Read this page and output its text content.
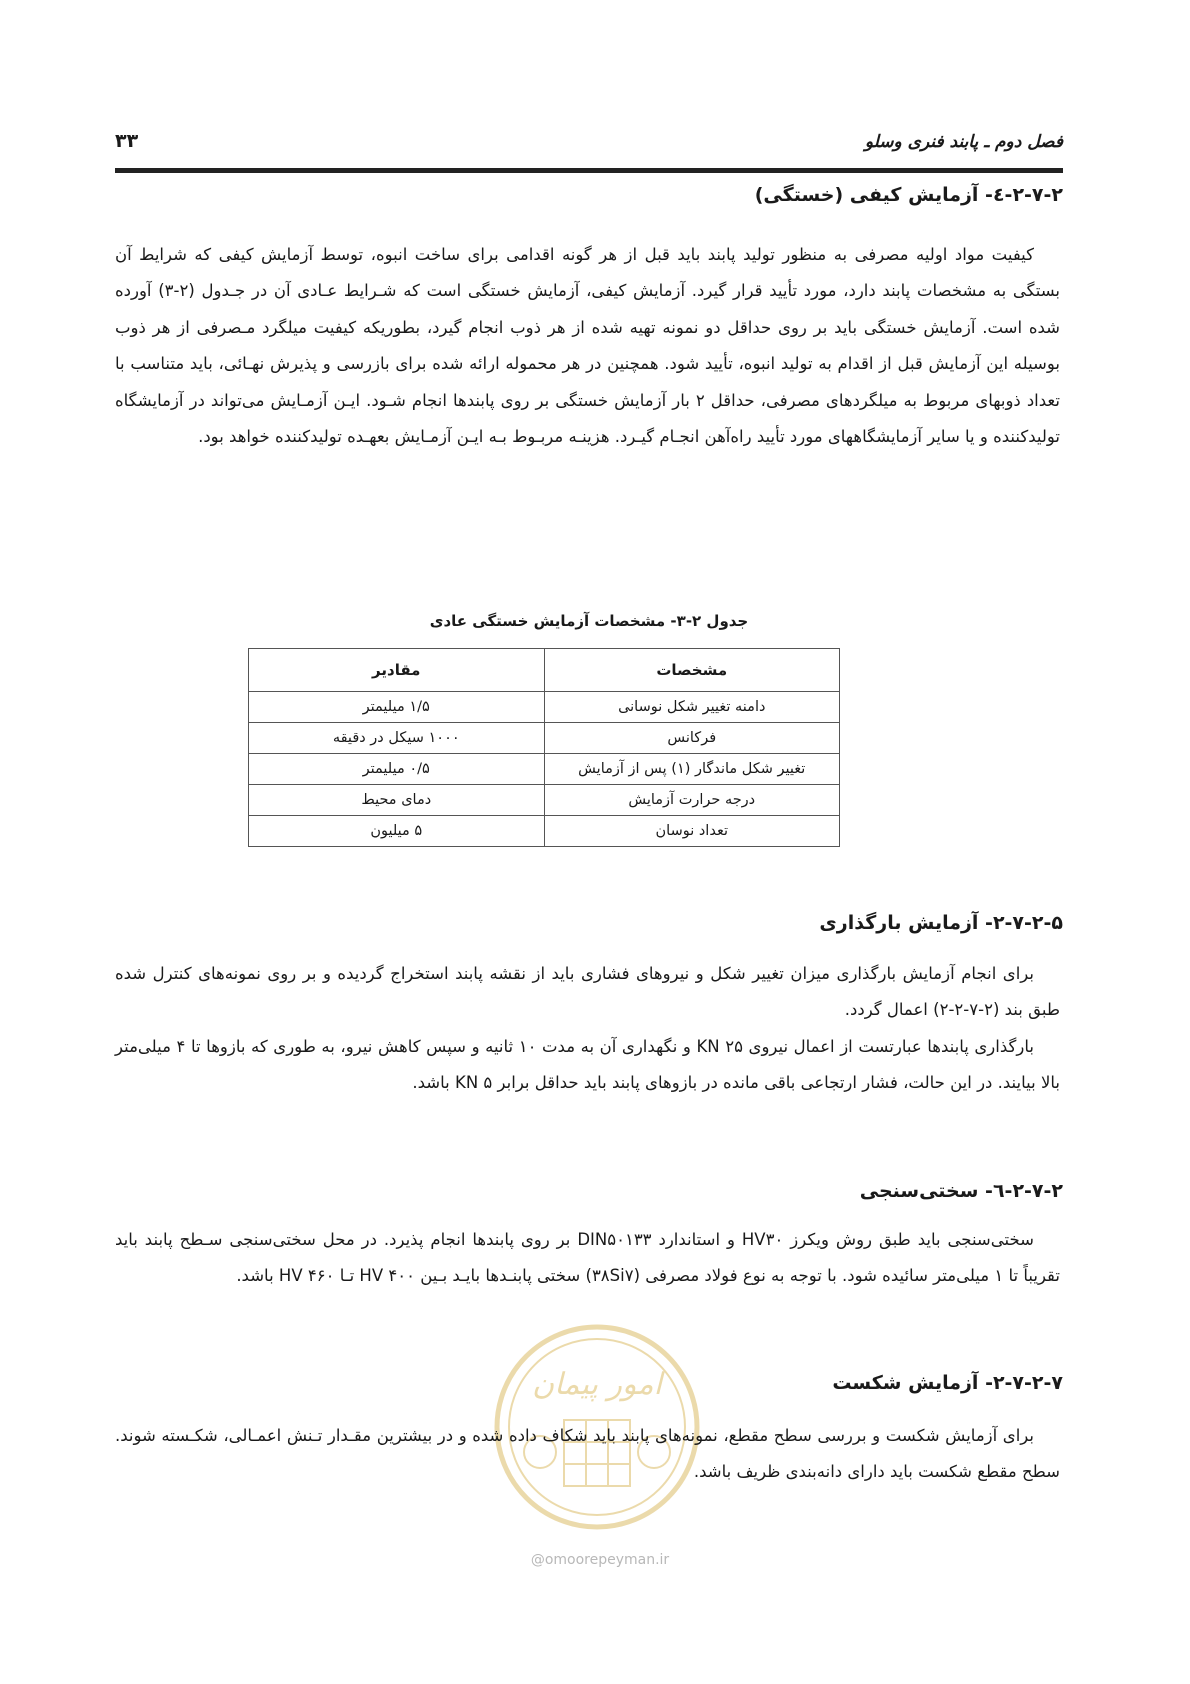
فصل دوم ـ پابند فنری وسلو
۳۳
۲-۷-۲-٤- آزمایش کیفی (خستگی)

کیفیت مواد اولیه مصرفی به منظور تولید پابند باید قبل از هر گونه اقدامی برای ساخت انبوه، توسط آزمایش کیفی که شرایط آن بستگی به مشخصات پابند دارد، مورد تأیید قرار گیرد. آزمایش کیفی، آزمایش خستگی است که شـرایط عـادی آن در جـدول (۲-۳) آورده شده است. آزمایش خستگی باید بر روی حداقل دو نمونه تهیه شده از هر ذوب انجام گیرد، بطوریکه کیفیت میلگرد مـصرفی از هر ذوب بوسیله این آزمایش قبل از اقدام به تولید انبوه، تأیید شود. همچنین در هر محموله ارائه شده برای بازرسی و پذیرش نهـائی، باید متناسب با تعداد ذوبهای مربوط به میلگردهای مصرفی، حداقل ۲ بار آزمایش خستگی بر روی پابندها انجام شـود. ایـن آزمـایش می‌تواند در آزمایشگاه تولیدکننده و یا سایر آزمایشگاههای مورد تأیید راه‌آهن انجـام گیـرد. هزینـه مربـوط بـه ایـن آزمـایش بعهـده تولیدکننده خواهد بود.

جدول ۲-۳- مشخصات آزمایش خستگی عادی
مشخصات	مقادیر
دامنه تغییر شکل نوسانی	۱/۵ میلیمتر
فرکانس	۱۰۰۰ سیکل در دقیقه
تغییر شکل ماندگار (۱) پس از آزمایش	۰/۵ میلیمتر
درجه حرارت آزمایش	دمای محیط
تعداد نوسان	۵ میلیون
۲-۷-۲-۵- آزمایش بارگذاری

برای انجام آزمایش بارگذاری میزان تغییر شکل و نیروهای فشاری باید از نقشه پابند استخراج گردیده و بر روی نمونه‌های کنترل شده طبق بند (۲-۷-۲-۲) اعمال گردد.

بارگذاری پابندها عبارتست از اعمال نیروی ۲۵ KN و نگهداری آن به مدت ۱۰ ثانیه و سپس کاهش نیرو، به طوری که بازوها تا ۴ میلی‌متر بالا بیایند. در این حالت، فشار ارتجاعی باقی مانده در بازوهای پابند باید حداقل برابر ۵ KN باشد.

۲-۷-۲-٦- سختی‌سنجی

سختی‌سنجی باید طبق روش ویکرز HV۳۰ و استاندارد DIN۵۰۱۳۳ بر روی پابندها انجام پذیرد. در محل سختی‌سنجی سـطح پابند باید تقریباً تا ۱ میلی‌متر سائیده شود. با توجه به نوع فولاد مصرفی (۳۸Si۷) سختی پابنـدها بایـد بـین ۴۰۰ HV تـا ۴۶۰ HV باشد.

امور پیمان	۲-۷-۲-۷- آزمایش شکست

برای آزمایش شکست و بررسی سطح مقطع، نمونه‌های پابند باید شکاف داده شده و در بیشترین مقـدار تـنش اعمـالی، شکـسته شوند. سطح مقطع شکست باید دارای دانه‌بندی ظریف باشد.

@omoorepeyman.ir
